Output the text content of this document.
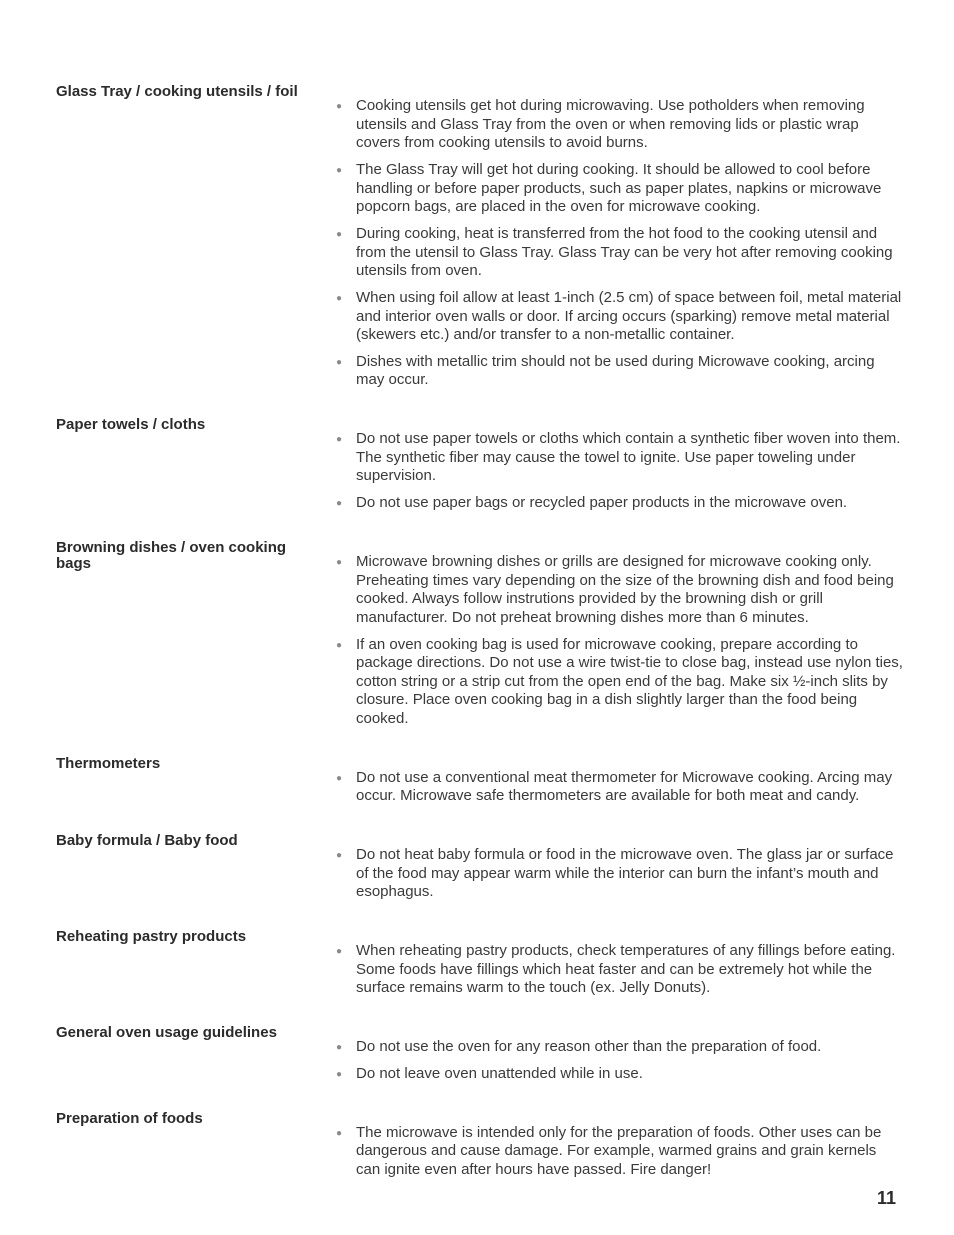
Glass Tray / cooking utensils / foil
● Cooking utensils get hot during microwaving. Use potholders when removing utensils and Glass Tray from the oven or when removing lids or plastic wrap covers from cooking utensils to avoid burns.
● The Glass Tray will get hot during cooking. It should be allowed to cool before handling or before paper products, such as paper plates, napkins or microwave popcorn bags, are placed in the oven for microwave cooking.
● During cooking, heat is transferred from the hot food to the cooking utensil and from the utensil to Glass Tray. Glass Tray can be very hot after removing cooking utensils from oven.
● When using foil allow at least 1-inch (2.5 cm) of space between foil, metal material and interior oven walls or door. If arcing occurs (sparking) remove metal material (skewers etc.) and/or transfer to a non-metallic container.
● Dishes with metallic trim should not be used during Microwave cooking, arcing may occur.
Paper towels / cloths
● Do not use paper towels or cloths which contain a synthetic fiber woven into them. The synthetic fiber may cause the towel to ignite. Use paper toweling under supervision.
● Do not use paper bags or recycled paper products in the microwave oven.
Browning dishes / oven cooking bags	● Microwave browning dishes or grills are designed for microwave cooking only. Preheating times vary depending on the size of the browning dish and food being cooked. Always follow instrutions provided by the browning dish or grill manufacturer. Do not preheat browning dishes more than 6 minutes.
● If an oven cooking bag is used for microwave cooking, prepare according to package directions. Do not use a wire twist-tie to close bag, instead use nylon ties, cotton string or a strip cut from the open end of the bag. Make six ½-inch slits by closure. Place oven cooking bag in a dish slightly larger than the food being cooked.
Thermometers
● Do not use a conventional meat thermometer for Microwave cooking. Arcing may occur. Microwave safe thermometers are available for both meat and candy.
Baby formula / Baby food
● Do not heat baby formula or food in the microwave oven. The glass jar or surface of the food may appear warm while the interior can burn the infant’s mouth and esophagus.
Reheating pastry products
● When reheating pastry products, check temperatures of any fillings before eating. Some foods have fillings which heat faster and can be extremely hot while the surface remains warm to the touch (ex. Jelly Donuts).
General oven usage guidelines
● Do not use the oven for any reason other than the preparation of food.
● Do not leave oven unattended while in use.
Preparation of foods
● The microwave is intended only for the preparation of foods. Other uses can be dangerous and cause damage. For example, warmed grains and grain kernels can ignite even after hours have passed. Fire danger!
11
